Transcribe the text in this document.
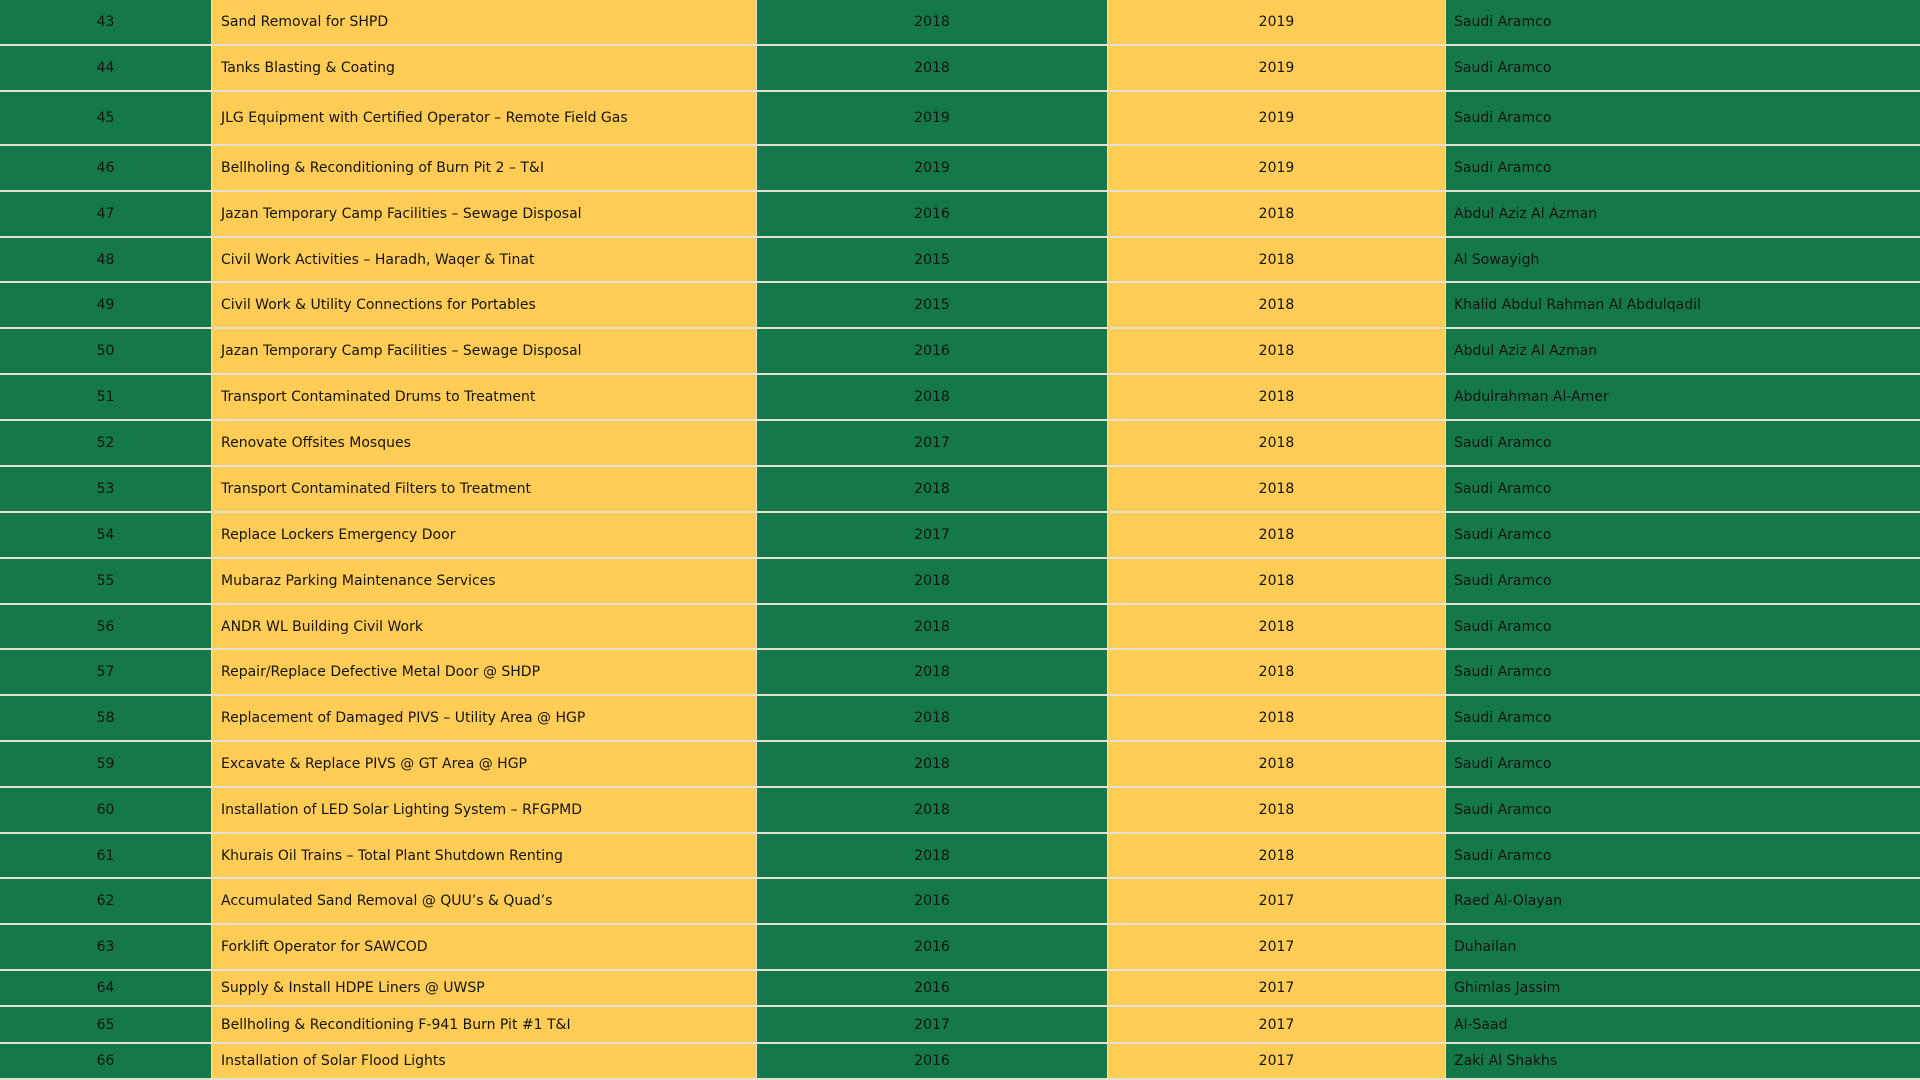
43	Sand Removal for SHPD	2018	2019	Saudi Aramco
44	Tanks Blasting & Coating	2018	2019	Saudi Aramco
45	JLG Equipment with Certified Operator – Remote Field Gas	2019	2019	Saudi Aramco
46	Bellholing & Reconditioning of Burn Pit 2 – T&I	2019	2019	Saudi Aramco
47	Jazan Temporary Camp Facilities – Sewage Disposal	2016	2018	Abdul Aziz Al Azman
48	Civil Work Activities – Haradh, Waqer & Tinat	2015	2018	Al Sowayigh
49	Civil Work & Utility Connections for Portables	2015	2018	Khalid Abdul Rahman Al Abdulqadil
50	Jazan Temporary Camp Facilities – Sewage Disposal	2016	2018	Abdul Aziz Al Azman
51	Transport Contaminated Drums to Treatment	2018	2018	Abdulrahman Al-Amer
52	Renovate Offsites Mosques	2017	2018	Saudi Aramco
53	Transport Contaminated Filters to Treatment	2018	2018	Saudi Aramco
54	Replace Lockers Emergency Door	2017	2018	Saudi Aramco
55	Mubaraz Parking Maintenance Services	2018	2018	Saudi Aramco
56	ANDR WL Building Civil Work	2018	2018	Saudi Aramco
57	Repair/Replace Defective Metal Door @ SHDP	2018	2018	Saudi Aramco
58	Replacement of Damaged PIVS – Utility Area @ HGP	2018	2018	Saudi Aramco
59	Excavate & Replace PIVS @ GT Area @ HGP	2018	2018	Saudi Aramco
60	Installation of LED Solar Lighting System – RFGPMD	2018	2018	Saudi Aramco
61	Khurais Oil Trains – Total Plant Shutdown Renting	2018	2018	Saudi Aramco
62	Accumulated Sand Removal @ QUU’s & Quad’s	2016	2017	Raed Al-Olayan
63	Forklift Operator for SAWCOD	2016	2017	Duhailan
64	Supply & Install HDPE Liners @ UWSP	2016	2017	Ghimlas Jassim
65	Bellholing & Reconditioning F-941 Burn Pit #1 T&I	2017	2017	Al-Saad
66	Installation of Solar Flood Lights	2016	2017	Zaki Al Shakhs
